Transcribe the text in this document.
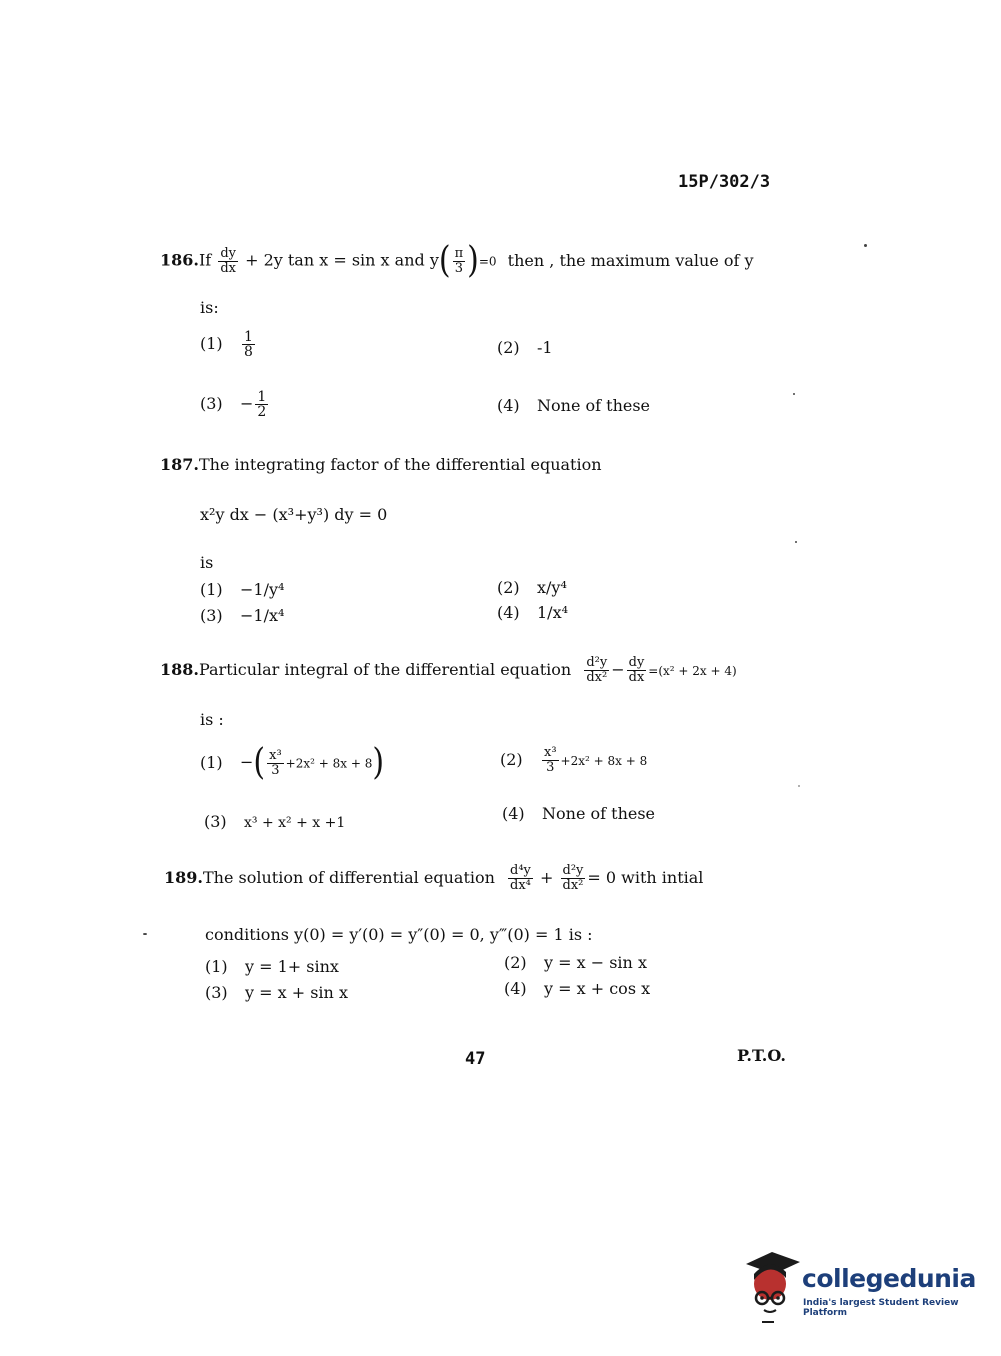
15P/302/3
$186.If \frac{dy}{dx} + 2y$ tan x = sin x and $y( \frac{\pi}{3} )=0$ then , the maximum value of y
is:
$(1) \frac{1}{8}$	(2) -1
$(3) - \frac{1}{2}$	(4) None of these
187.The integrating factor of the differential equation
x²y dx − (x³+y³) dy = 0
is
(1) −1/y⁴	(2) x/y⁴
(3) −1/x⁴	(4) 1/x⁴
188.Particular integral of the differential equation $\frac{\text{d²y}}{\text{dx²}} - \frac{dy}{dx} =(x^2 + 2x + 4)$
is :
(1) −( $\frac{\text{x³}}{3} +2x^2 + 8x + 8$)	$(2) \frac{\text{x³}}{3} +2x^2 + 8x + 8$
(3) x³ + x² + x +1	(4) None of these
189.The solution of differential equation $\frac{\text{d⁴y}}{\text{dx⁴}} + \frac{\text{d²y}}{\text{dx²}} = 0$ with intial
conditions y(0) = y′(0) = y″(0) = 0, y‴(0) = 1 is :
(1) y = 1+ sinx	(2) y = x − sin x
(3) y = x + sin x	(4) y = x + cos x
47	P.T.O.
collegedunia
India's largest Student Review Platform
